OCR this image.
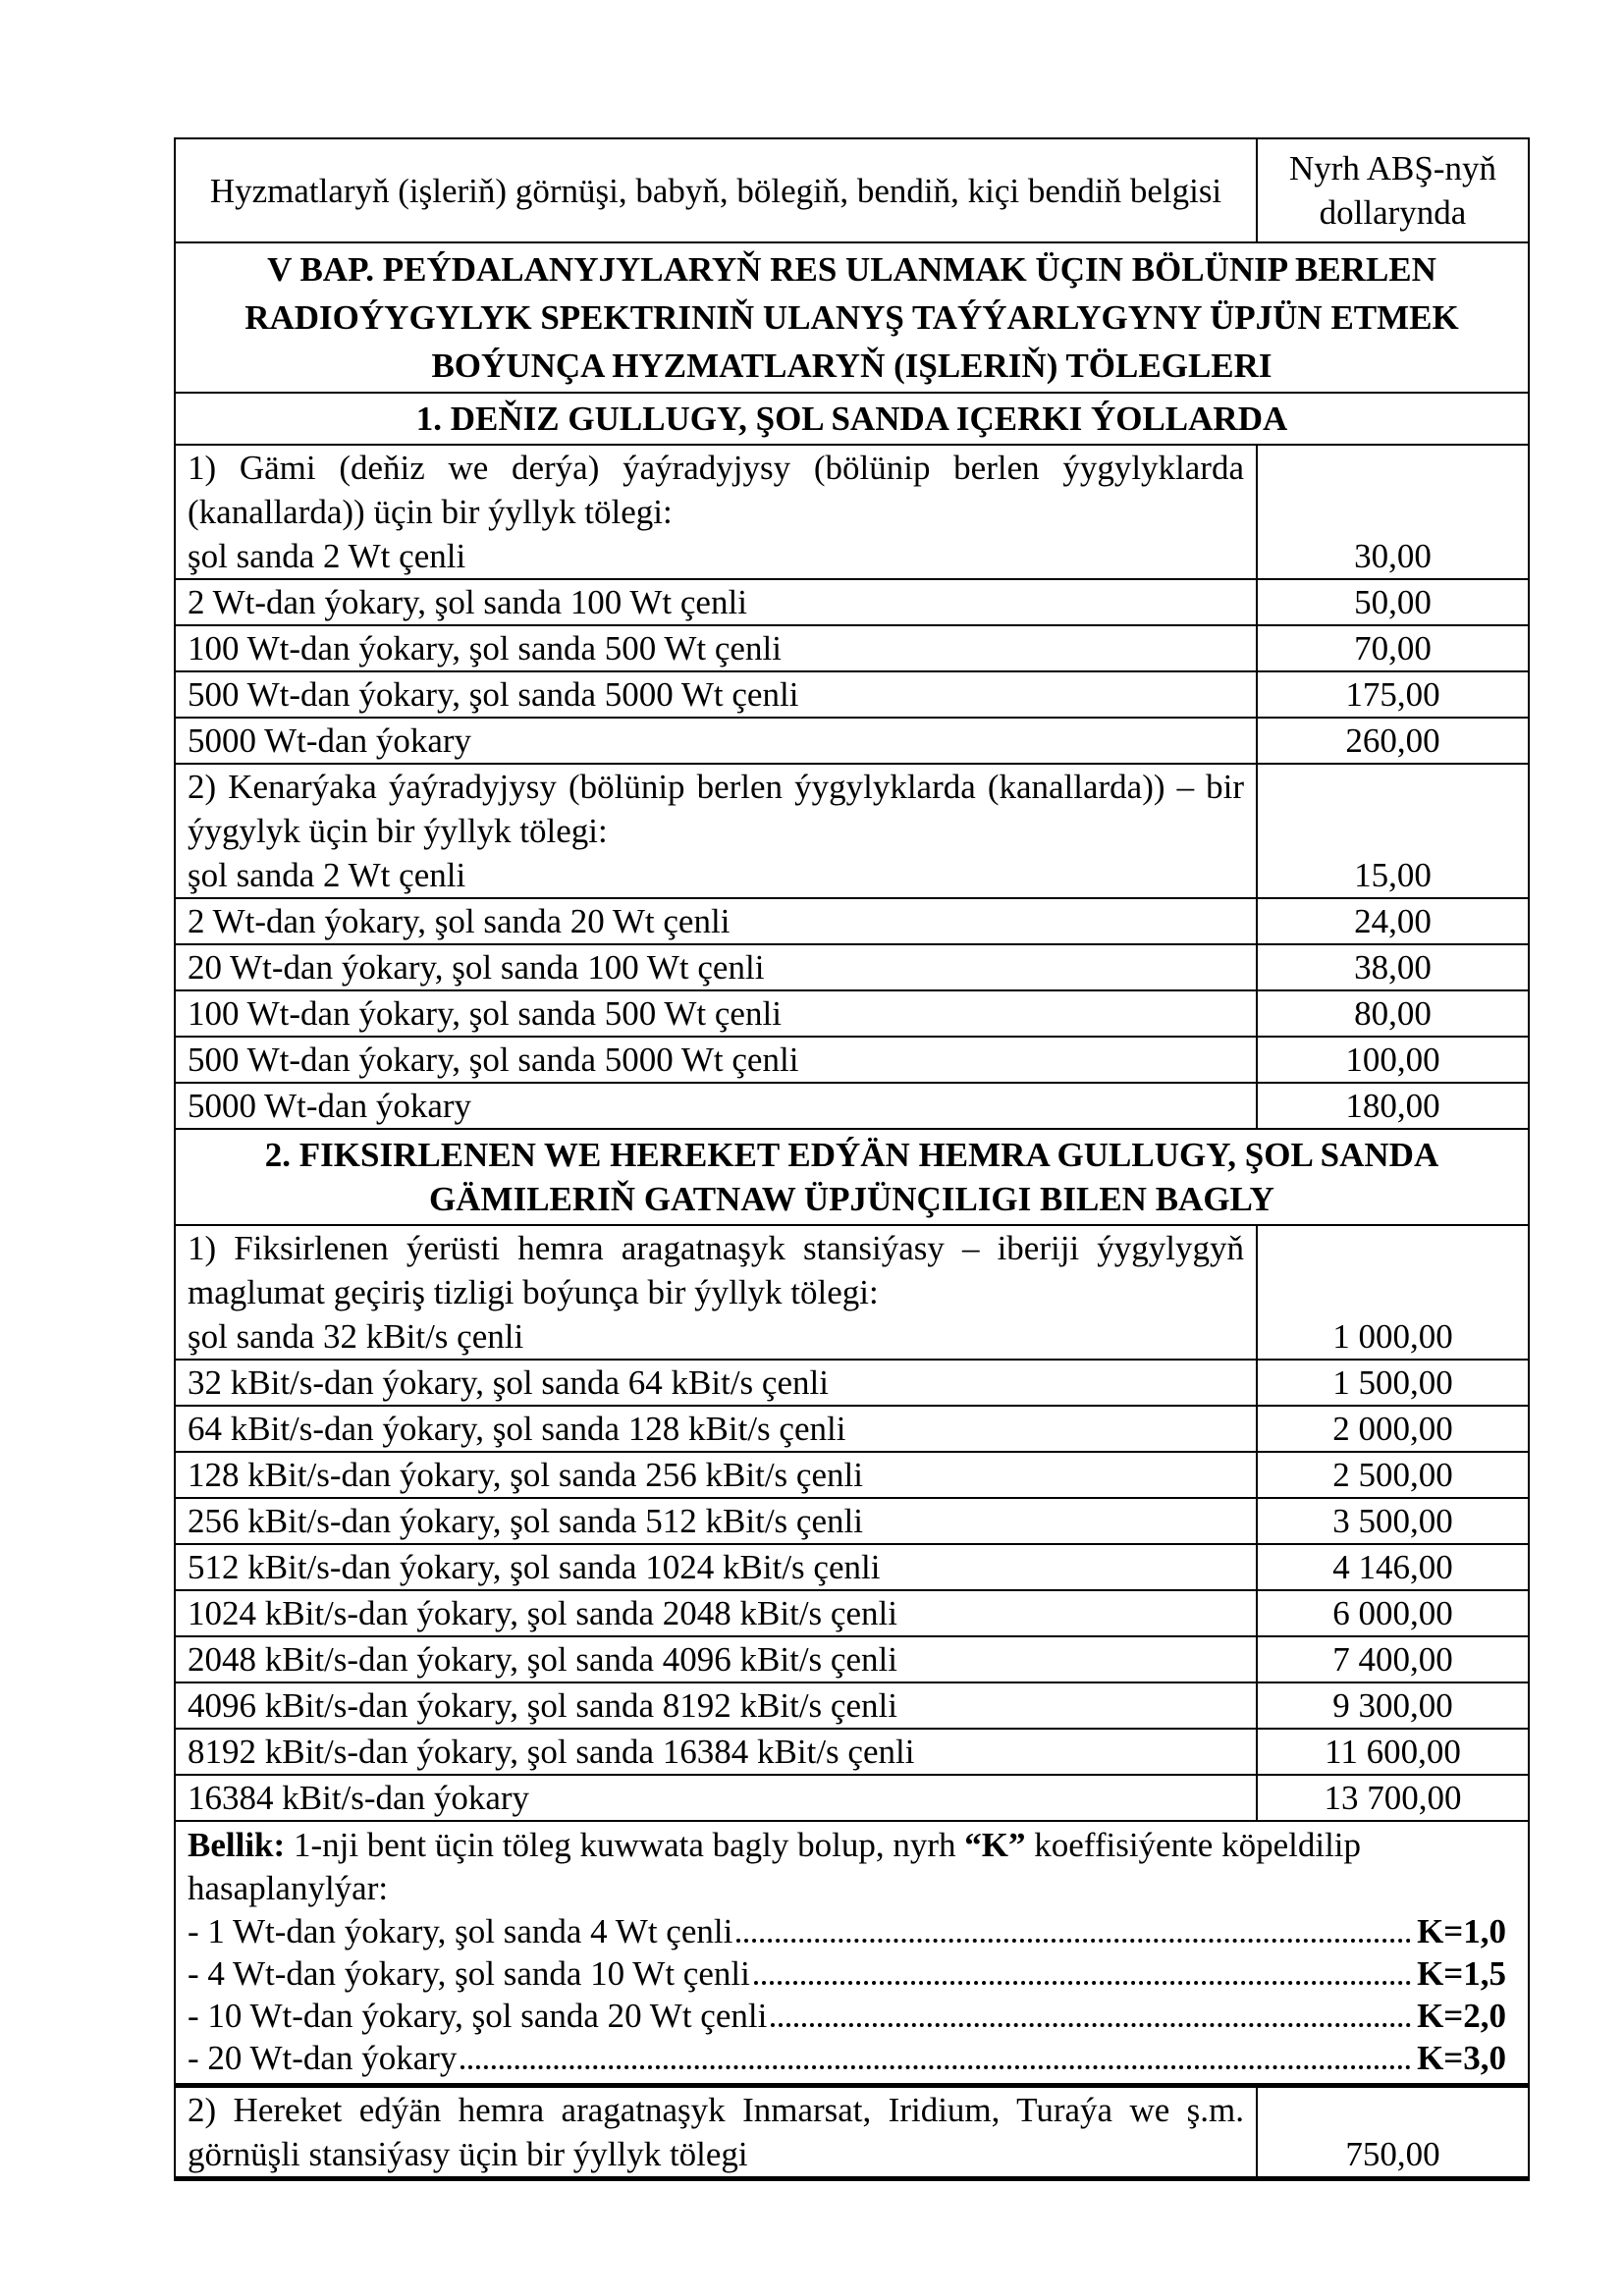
Hyzmatlaryň (işleriň) görnüşi, babyň, bölegiň, bendiň, kiçi bendiň belgisi	Nyrh ABŞ-nyň dollarynda
V BAP. PEÝDALANYJYLARYŇ RES ULANMAK ÜÇIN BÖLÜNIP BERLEN RADIOÝYGYLYK SPEKTRINIŇ ULANYŞ TAÝÝARLYGYNY ÜPJÜN ETMEK BOÝUNÇA HYZMATLARYŇ (IŞLERIŇ) TÖLEGLERI	
1. DEŇIZ GULLUGY, ŞOL SANDA IÇERKI ÝOLLARDA	

1) Gämi (deňiz we derýa) ýaýradyjysy (bölünip berlen ýygylyklarda (kanallarda)) üçin bir ýyllyk tölegi:
şol sanda 2 Wt çenli	30,00

2 Wt-dan ýokary, şol sanda 100 Wt çenli	50,00

100 Wt-dan ýokary, şol sanda 500 Wt çenli	70,00

500 Wt-dan ýokary, şol sanda 5000 Wt çenli	175,00

5000 Wt-dan ýokary	260,00

2) Kenarýaka ýaýradyjysy (bölünip berlen ýygylyklarda (kanallarda)) – bir ýygylyk üçin bir ýyllyk tölegi:
şol sanda 2 Wt çenli	15,00

2 Wt-dan ýokary, şol sanda 20 Wt çenli	24,00

20 Wt-dan ýokary, şol sanda 100 Wt çenli	38,00

100 Wt-dan ýokary, şol sanda 500 Wt çenli	80,00

500 Wt-dan ýokary, şol sanda 5000 Wt çenli	100,00

5000 Wt-dan ýokary	180,00
2. FIKSIRLENEN WE HEREKET EDÝÄN HEMRA GULLUGY, ŞOL SANDA GÄMILERIŇ GATNAW ÜPJÜNÇILIGI BILEN BAGLY	

1) Fiksirlenen ýerüsti hemra aragatnaşyk stansiýasy – iberiji ýygylygyň maglumat geçiriş tizligi boýunça bir ýyllyk tölegi:
şol sanda 32 kBit/s çenli	1 000,00

32 kBit/s-dan ýokary, şol sanda 64 kBit/s çenli	1 500,00

64 kBit/s-dan ýokary, şol sanda 128 kBit/s çenli	2 000,00

128 kBit/s-dan ýokary, şol sanda 256 kBit/s çenli	2 500,00

256 kBit/s-dan ýokary, şol sanda 512 kBit/s çenli	3 500,00

512 kBit/s-dan ýokary, şol sanda 1024 kBit/s çenli	4 146,00

1024 kBit/s-dan ýokary, şol sanda 2048 kBit/s çenli	6 000,00

2048 kBit/s-dan ýokary, şol sanda 4096 kBit/s çenli	7 400,00

4096 kBit/s-dan ýokary, şol sanda 8192 kBit/s çenli	9 300,00

8192 kBit/s-dan ýokary, şol sanda 16384 kBit/s çenli	11 600,00

16384 kBit/s-dan ýokary	13 700,00

Bellik: 1-nji bent üçin töleg kuwwata bagly bolup, nyrh “K” koeffisiýente köpeldilip hasaplanylýar:
- 1 Wt-dan ýokary, şol sanda 4 Wt çenli	K=1,0
- 4 Wt-dan ýokary, şol sanda 10 Wt çenli	K=1,5
- 10 Wt-dan ýokary, şol sanda 20 Wt çenli	K=2,0
- 20 Wt-dan ýokary	K=3,0

2) Hereket edýän hemra aragatnaşyk Inmarsat, Iridium, Turaýa we ş.m. görnüşli stansiýasy üçin bir ýyllyk tölegi	750,00
